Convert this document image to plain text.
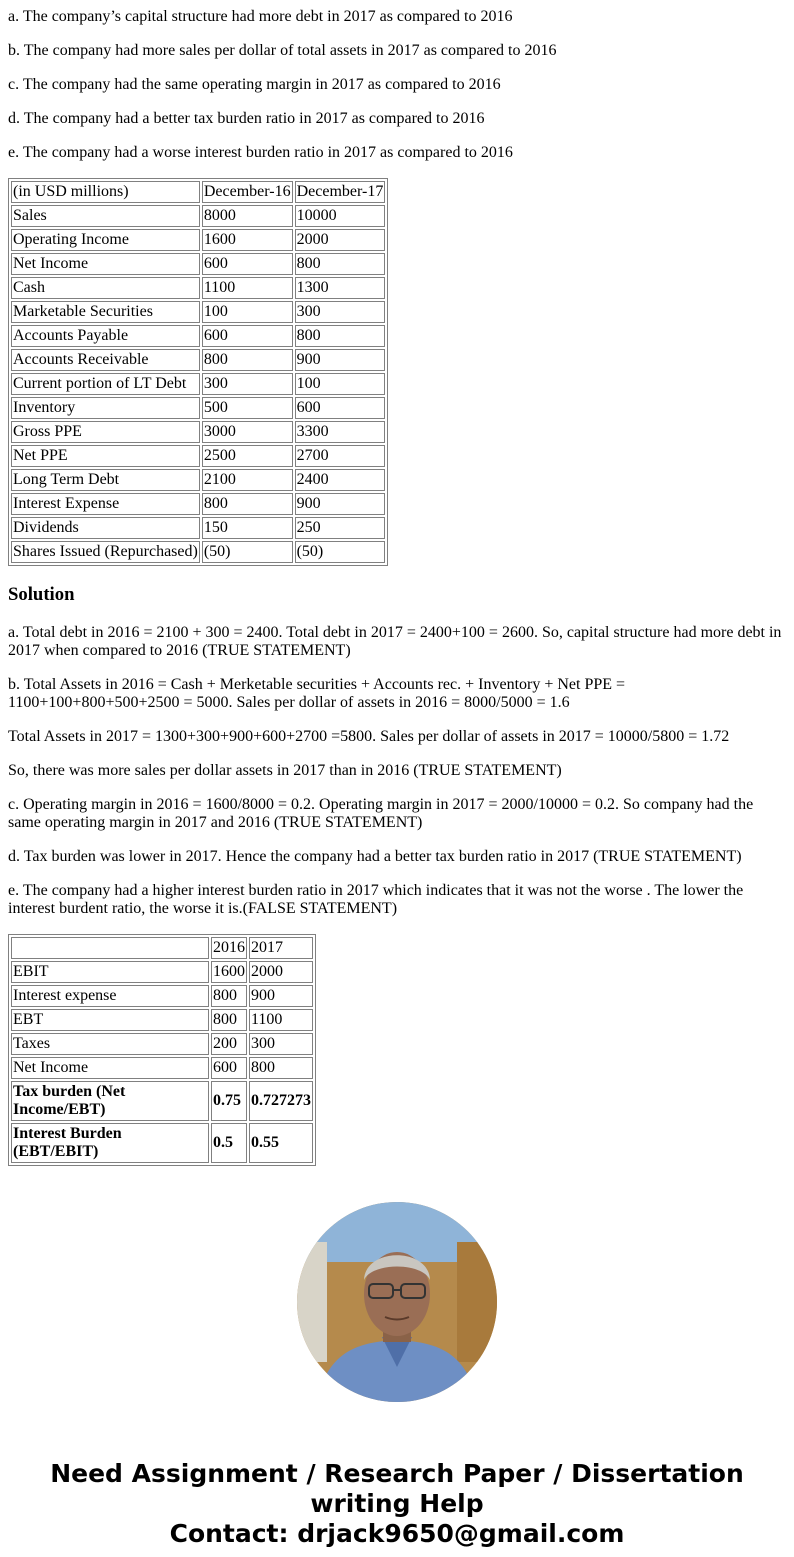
a. The company’s capital structure had more debt in 2017 as compared to 2016

b. The company had more sales per dollar of total assets in 2017 as compared to 2016

c. The company had the same operating margin in 2017 as compared to 2016

d. The company had a better tax burden ratio in 2017 as compared to 2016

e. The company had a worse interest burden ratio in 2017 as compared to 2016

(in USD millions)	December-16	December-17
Sales	8000	10000
Operating Income	1600	2000
Net Income	600	800
Cash	1100	1300
Marketable Securities	100	300
Accounts Payable	600	800
Accounts Receivable	800	900
Current portion of LT Debt	300	100
Inventory	500	600
Gross PPE	3000	3300
Net PPE	2500	2700
Long Term Debt	2100	2400
Interest Expense	800	900
Dividends	150	250
Shares Issued (Repurchased)	(50)	(50)
Solution

a. Total debt in 2016 = 2100 + 300 = 2400. Total debt in 2017 = 2400+100 = 2600. So, capital structure had more debt in 2017 when compared to 2016 (TRUE STATEMENT)

b. Total Assets in 2016 = Cash + Merketable securities + Accounts rec. + Inventory + Net PPE = 1100+100+800+500+2500 = 5000. Sales per dollar of assets in 2016 = 8000/5000 = 1.6

Total Assets in 2017 = 1300+300+900+600+2700 =5800. Sales per dollar of assets in 2017 = 10000/5800 = 1.72

So, there was more sales per dollar assets in 2017 than in 2016 (TRUE STATEMENT)

c. Operating margin in 2016 = 1600/8000 = 0.2. Operating margin in 2017 = 2000/10000 = 0.2. So company had the same operating margin in 2017 and 2016 (TRUE STATEMENT)

d. Tax burden was lower in 2017. Hence the company had a better tax burden ratio in 2017 (TRUE STATEMENT)

e. The company had a higher interest burden ratio in 2017 which indicates that it was not the worse . The lower the interest burdent ratio, the worse it is.(FALSE STATEMENT)

	2016	2017
EBIT	1600	2000
Interest expense	800	900
EBT	800	1100
Taxes	200	300
Net Income	600	800
Tax burden (Net Income/EBT)	0.75	0.727273
Interest Burden (EBT/EBIT)	0.5	0.55
Need Assignment / Research Paper / Dissertation writing Help
Contact: drjack9650@gmail.com
